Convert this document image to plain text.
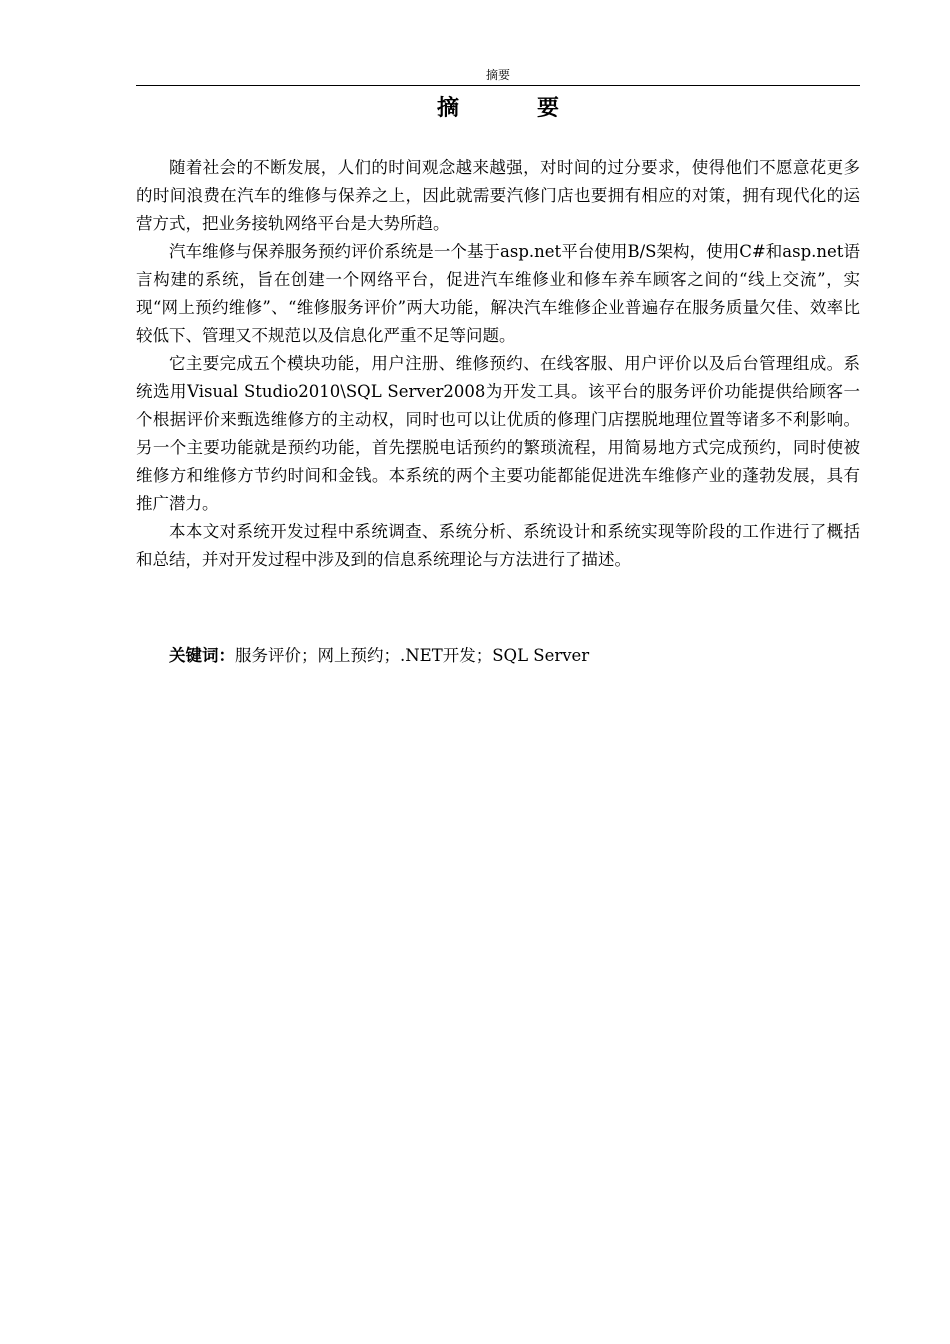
摘要
摘　要

随着社会的不断发展，人们的时间观念越来越强，对时间的过分要求，使得他们不愿意花更多的时间浪费在汽车的维修与保养之上，因此就需要汽修门店也要拥有相应的对策，拥有现代化的运营方式，把业务接轨网络平台是大势所趋。

汽车维修与保养服务预约评价系统是一个基于asp.net平台使用B/S架构，使用C#和asp.net语言构建的系统，旨在创建一个网络平台，促进汽车维修业和修车养车顾客之间的“线上交流”，实现“网上预约维修”、“维修服务评价”两大功能，解决汽车维修企业普遍存在服务质量欠佳、效率比较低下、管理又不规范以及信息化严重不足等问题。

它主要完成五个模块功能，用户注册、维修预约、在线客服、用户评价以及后台管理组成。系统选用Visual Studio2010\SQL Server2008为开发工具。该平台的服务评价功能提供给顾客一个根据评价来甄选维修方的主动权，同时也可以让优质的修理门店摆脱地理位置等诸多不利影响。另一个主要功能就是预约功能，首先摆脱电话预约的繁琐流程，用简易地方式完成预约，同时使被维修方和维修方节约时间和金钱。本系统的两个主要功能都能促进洗车维修产业的蓬勃发展，具有推广潜力。

本本文对系统开发过程中系统调查、系统分析、系统设计和系统实现等阶段的工作进行了概括和总结，并对开发过程中涉及到的信息系统理论与方法进行了描述。

关键词：服务评价；网上预约；.NET开发；SQL Server
